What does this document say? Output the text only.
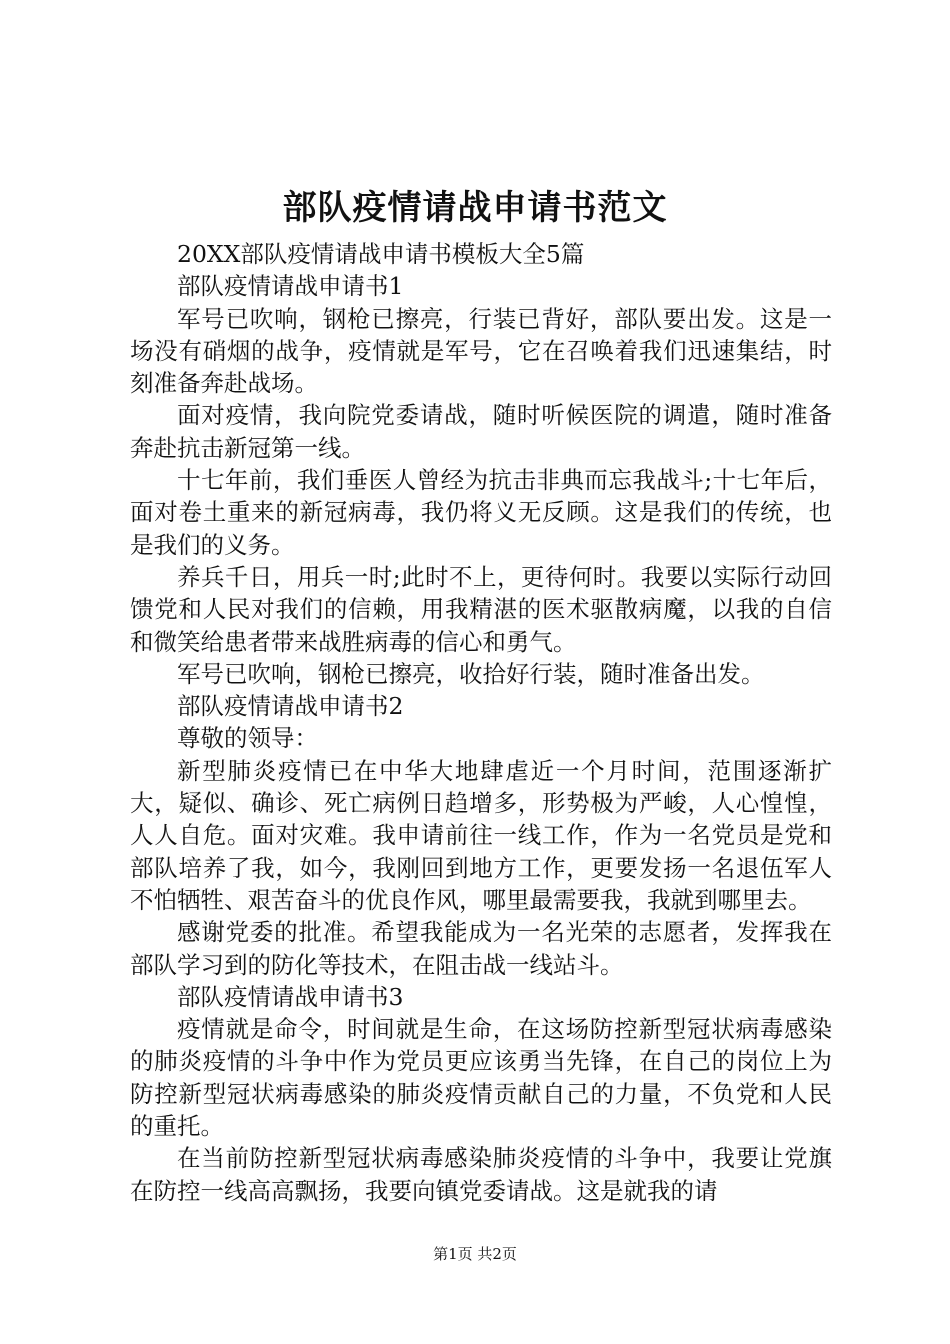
部队疫情请战申请书范文

20XX部队疫情请战申请书模板大全5篇

部队疫情请战申请书1

军号已吹响，钢枪已擦亮，行装已背好，部队要出发。这是一场没有硝烟的战争，疫情就是军号，它在召唤着我们迅速集结，时刻准备奔赴战场。

面对疫情，我向院党委请战，随时听候医院的调遣，随时准备奔赴抗击新冠第一线。

十七年前，我们垂医人曾经为抗击非典而忘我战斗;十七年后，面对卷土重来的新冠病毒，我仍将义无反顾。这是我们的传统，也是我们的义务。

养兵千日，用兵一时;此时不上，更待何时。我要以实际行动回馈党和人民对我们的信赖，用我精湛的医术驱散病魔，以我的自信和微笑给患者带来战胜病毒的信心和勇气。

军号已吹响，钢枪已擦亮，收拾好行装，随时准备出发。

部队疫情请战申请书2

尊敬的领导：

新型肺炎疫情已在中华大地肆虐近一个月时间，范围逐渐扩大，疑似、确诊、死亡病例日趋增多，形势极为严峻，人心惶惶，人人自危。面对灾难。我申请前往一线工作，作为一名党员是党和部队培养了我，如今，我刚回到地方工作，更要发扬一名退伍军人不怕牺牲、艰苦奋斗的优良作风，哪里最需要我，我就到哪里去。

感谢党委的批准。希望我能成为一名光荣的志愿者，发挥我在部队学习到的防化等技术，在阻击战一线站斗。

部队疫情请战申请书3

疫情就是命令，时间就是生命，在这场防控新型冠状病毒感染的肺炎疫情的斗争中作为党员更应该勇当先锋，在自己的岗位上为防控新型冠状病毒感染的肺炎疫情贡献自己的力量，不负党和人民的重托。

在当前防控新型冠状病毒感染肺炎疫情的斗争中，我要让党旗在防控一线高高飘扬，我要向镇党委请战。这是就我的请

第1页 共2页
